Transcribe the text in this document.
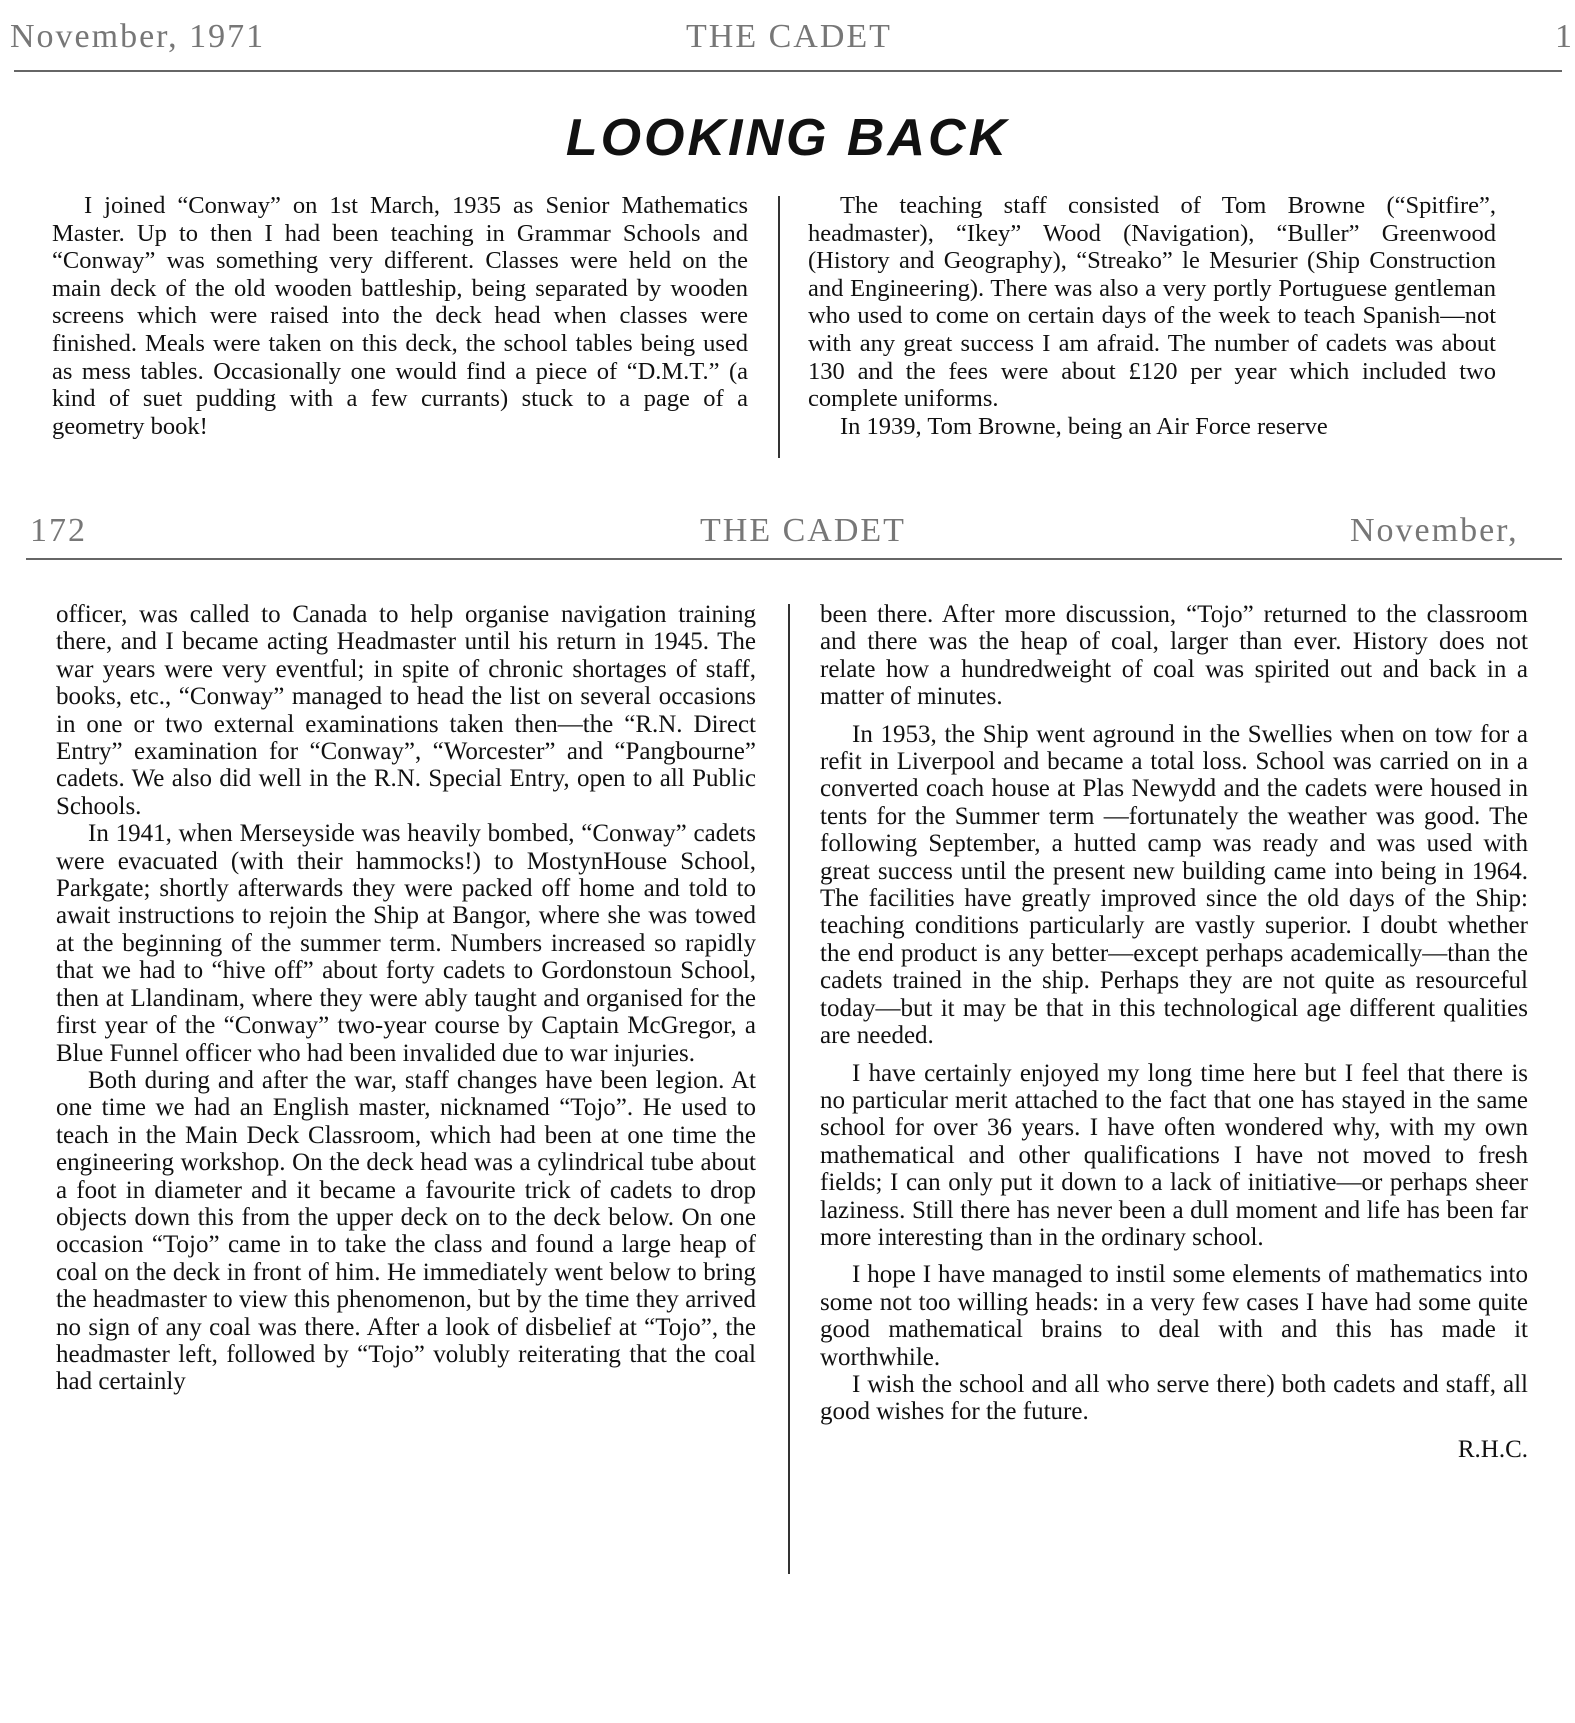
November, 1971	THE CADET	1
LOOKING BACK

I joined “Conway” on 1st March, 1935 as Senior Mathematics Master. Up to then I had been teaching in Grammar Schools and “Conway” was something very different. Classes were held on the main deck of the old wooden battleship, being separated by wooden screens which were raised into the deck head when classes were finished. Meals were taken on this deck, the school tables being used as mess tables. Occasionally one would find a piece of “D.M.T.” (a kind of suet pudding with a few currants) stuck to a page of a geometry book!

The teaching staff consisted of Tom Browne (“Spitfire”, headmaster), “Ikey” Wood (Navigation), “Buller” Greenwood (History and Geography), “Streako” le Mesurier (Ship Construction and Engineering). There was also a very portly Portuguese gentleman who used to come on certain days of the week to teach Spanish—not with any great success I am afraid. The number of cadets was about 130 and the fees were about £120 per year which included two complete uniforms.

In 1939, Tom Browne, being an Air Force reserve

172	THE CADET	November,

officer, was called to Canada to help organise navigation training there, and I became acting Headmaster until his return in 1945. The war years were very eventful; in spite of chronic shortages of staff, books, etc., “Conway” managed to head the list on several occasions in one or two external examinations taken then—the “R.N. Direct Entry” examination for “Conway”, “Worcester” and “Pangbourne” cadets. We also did well in the R.N. Special Entry, open to all Public Schools.

In 1941, when Merseyside was heavily bombed, “Conway” cadets were evacuated (with their hammocks!) to MostynHouse School, Parkgate; shortly afterwards they were packed off home and told to await instructions to rejoin the Ship at Bangor, where she was towed at the beginning of the summer term. Numbers increased so rapidly that we had to “hive off” about forty cadets to Gordonstoun School, then at Llandinam, where they were ably taught and organised for the first year of the “Conway” two-year course by Captain McGregor, a Blue Funnel officer who had been invalided due to war injuries.

Both during and after the war, staff changes have been legion. At one time we had an English master, nicknamed “Tojo”. He used to teach in the Main Deck Classroom, which had been at one time the engineering workshop. On the deck head was a cylindrical tube about a foot in diameter and it became a favourite trick of cadets to drop objects down this from the upper deck on to the deck below. On one occasion “Tojo” came in to take the class and found a large heap of coal on the deck in front of him. He immediately went below to bring the headmaster to view this phenomenon, but by the time they arrived no sign of any coal was there. After a look of disbelief at “Tojo”, the headmaster left, followed by “Tojo” volubly reiterating that the coal had certainly

been there. After more discussion, “Tojo” returned to the classroom and there was the heap of coal, larger than ever. History does not relate how a hundredweight of coal was spirited out and back in a matter of minutes.

In 1953, the Ship went aground in the Swellies when on tow for a refit in Liverpool and became a total loss. School was carried on in a converted coach house at Plas Newydd and the cadets were housed in tents for the Summer term —fortunately the weather was good. The following September, a hutted camp was ready and was used with great success until the present new building came into being in 1964. The facilities have greatly improved since the old days of the Ship: teaching conditions particularly are vastly superior. I doubt whether the end product is any better—except perhaps academically—than the cadets trained in the ship. Perhaps they are not quite as resourceful today—but it may be that in this technological age different qualities are needed.

I have certainly enjoyed my long time here but I feel that there is no particular merit attached to the fact that one has stayed in the same school for over 36 years. I have often wondered why, with my own mathematical and other qualifications I have not moved to fresh fields; I can only put it down to a lack of initiative—or perhaps sheer laziness. Still there has never been a dull moment and life has been far more interesting than in the ordinary school.

I hope I have managed to instil some elements of mathematics into some not too willing heads: in a very few cases I have had some quite good mathematical brains to deal with and this has made it worthwhile.

I wish the school and all who serve there) both cadets and staff, all good wishes for the future.

R.H.C.
